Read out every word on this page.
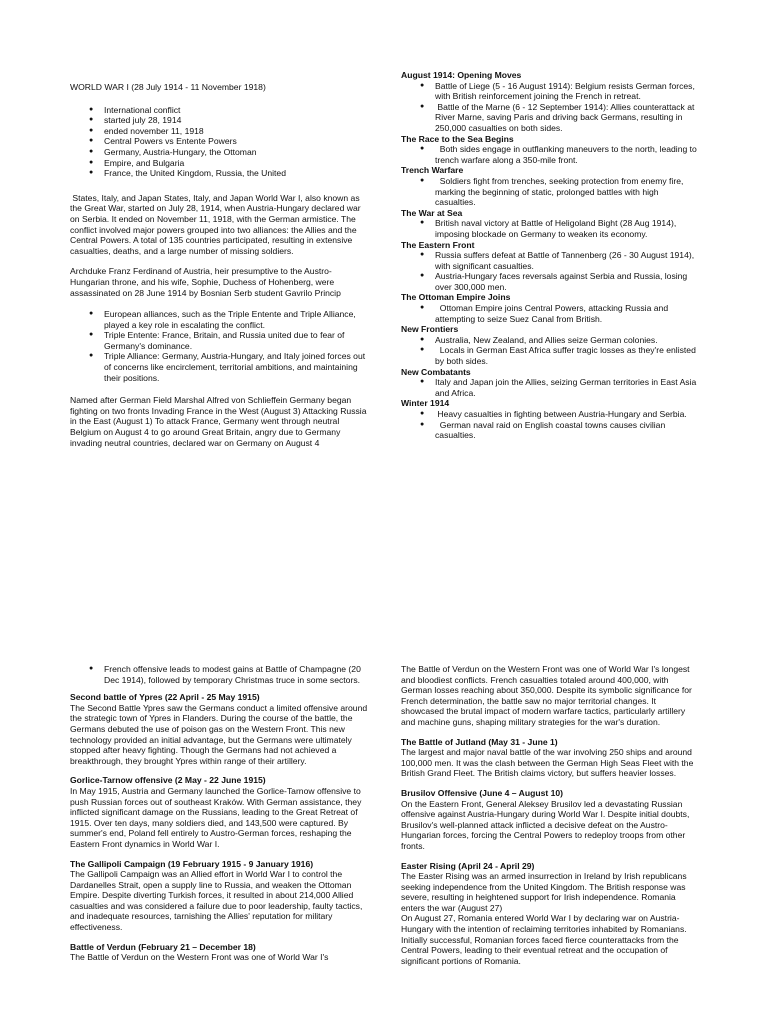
WORLD WAR I (28 July 1914 - 11 November 1918)

● International conflict
● started july 28, 1914
● ended november 11, 1918
● Central Powers vs Entente Powers
● Germany, Austria-Hungary, the Ottoman
● Empire, and Bulgaria
● France, the United Kingdom, Russia, the United

States, Italy, and Japan States, Italy, and Japan World War I, also known as the Great War, started on July 28, 1914, when Austria-Hungary declared war on Serbia. It ended on November 11, 1918, with the German armistice. The conflict involved major powers grouped into two alliances: the Allies and the Central Powers. A total of 135 countries participated, resulting in extensive casualties, deaths, and a large number of missing soldiers.

Archduke Franz Ferdinand of Austria, heir presumptive to the Austro-Hungarian throne, and his wife, Sophie, Duchess of Hohenberg, were assassinated on 28 June 1914 by Bosnian Serb student Gavrilo Princip

● European alliances, such as the Triple Entente and Triple Alliance, played a key role in escalating the conflict.
● Triple Entente: France, Britain, and Russia united due to fear of Germany's dominance.
● Triple Alliance: Germany, Austria-Hungary, and Italy joined forces out of concerns like encirclement, territorial ambitions, and maintaining their positions.

Named after German Field Marshal Alfred von Schlieffein Germany began fighting on two fronts Invading France in the West (August 3) Attacking Russia in the East (August 1) To attack France, Germany went through neutral Belgium on August 4 to go around Great Britain, angry due to Germany invading neutral countries, declared war on Germany on August 4

August 1914: Opening Moves

● Battle of Liege (5 - 16 August 1914): Belgium resists German forces, with British reinforcement joining the French in retreat.
●  Battle of the Marne (6 - 12 September 1914): Allies counterattack at River Marne, saving Paris and driving back Germans, resulting in 250,000 casualties on both sides.

The Race to the Sea Begins

●   Both sides engage in outflanking maneuvers to the north, leading to trench warfare along a 350-mile front.

Trench Warfare

●   Soldiers fight from trenches, seeking protection from enemy fire, marking the beginning of static, prolonged battles with high casualties.

The War at Sea

● British naval victory at Battle of Heligoland Bight (28 Aug 1914), imposing blockade on Germany to weaken its economy.

The Eastern Front

● Russia suffers defeat at Battle of Tannenberg (26 - 30 August 1914), with significant casualties.
● Austria-Hungary faces reversals against Serbia and Russia, losing over 300,000 men.

The Ottoman Empire Joins

●   Ottoman Empire joins Central Powers, attacking Russia and attempting to seize Suez Canal from British.

New Frontiers

● Australia, New Zealand, and Allies seize German colonies.
●   Locals in German East Africa suffer tragic losses as they're enlisted by both sides.

New Combatants

● Italy and Japan join the Allies, seizing German territories in East Asia and Africa.

Winter 1914

●  Heavy casualties in fighting between Austria-Hungary and Serbia.
●   German naval raid on English coastal towns causes civilian casualties.
● French offensive leads to modest gains at Battle of Champagne (20 Dec 1914), followed by temporary Christmas truce in some sectors.

Second battle of Ypres (22 April - 25 May 1915)

The Second Battle Ypres saw the Germans conduct a limited offensive around the strategic town of Ypres in Flanders. During the course of the battle, the Germans debuted the use of poison gas on the Western Front. This new technology provided an initial advantage, but the Germans were ultimately stopped after heavy fighting. Though the Germans had not achieved a breakthrough, they brought Ypres within range of their artillery.

Gorlice-Tarnow offensive (2 May - 22 June 1915)

In May 1915, Austria and Germany launched the Gorlice-Tarnow offensive to push Russian forces out of southeast Kraków. With German assistance, they inflicted significant damage on the Russians, leading to the Great Retreat of 1915. Over ten days, many soldiers died, and 143,500 were captured. By summer's end, Poland fell entirely to Austro-German forces, reshaping the Eastern Front dynamics in World War I.

The Gallipoli Campaign (19 February 1915 - 9 January 1916)

The Gallipoli Campaign was an Allied effort in World War I to control the Dardanelles Strait, open a supply line to Russia, and weaken the Ottoman Empire. Despite diverting Turkish forces, it resulted in about 214,000 Allied casualties and was considered a failure due to poor leadership, faulty tactics, and inadequate resources, tarnishing the Allies' reputation for military effectiveness.

Battle of Verdun (February 21 – December 18)

The Battle of Verdun on the Western Front was one of World War I's

The Battle of Verdun on the Western Front was one of World War I's longest and bloodiest conflicts. French casualties totaled around 400,000, with German losses reaching about 350,000. Despite its symbolic significance for French determination, the battle saw no major territorial changes. It showcased the brutal impact of modern warfare tactics, particularly artillery and machine guns, shaping military strategies for the war's duration.

The Battle of Jutland (May 31 - June 1)

The largest and major naval battle of the war involving 250 ships and around 100,000 men. It was the clash between the German High Seas Fleet with the British Grand Fleet. The British claims victory, but suffers heavier losses.

Brusilov Offensive (June 4 – August 10)

On the Eastern Front, General Aleksey Brusilov led a devastating Russian offensive against Austria-Hungary during World War I. Despite initial doubts, Brusilov's well-planned attack inflicted a decisive defeat on the Austro-Hungarian forces, forcing the Central Powers to redeploy troops from other fronts.

Easter Rising (April 24 - April 29)

The Easter Rising was an armed insurrection in Ireland by Irish republicans seeking independence from the United Kingdom. The British response was severe, resulting in heightened support for Irish independence. Romania enters the war (August 27)
On August 27, Romania entered World War I by declaring war on Austria-Hungary with the intention of reclaiming territories inhabited by Romanians. Initially successful, Romanian forces faced fierce counterattacks from the Central Powers, leading to their eventual retreat and the occupation of significant portions of Romania.
